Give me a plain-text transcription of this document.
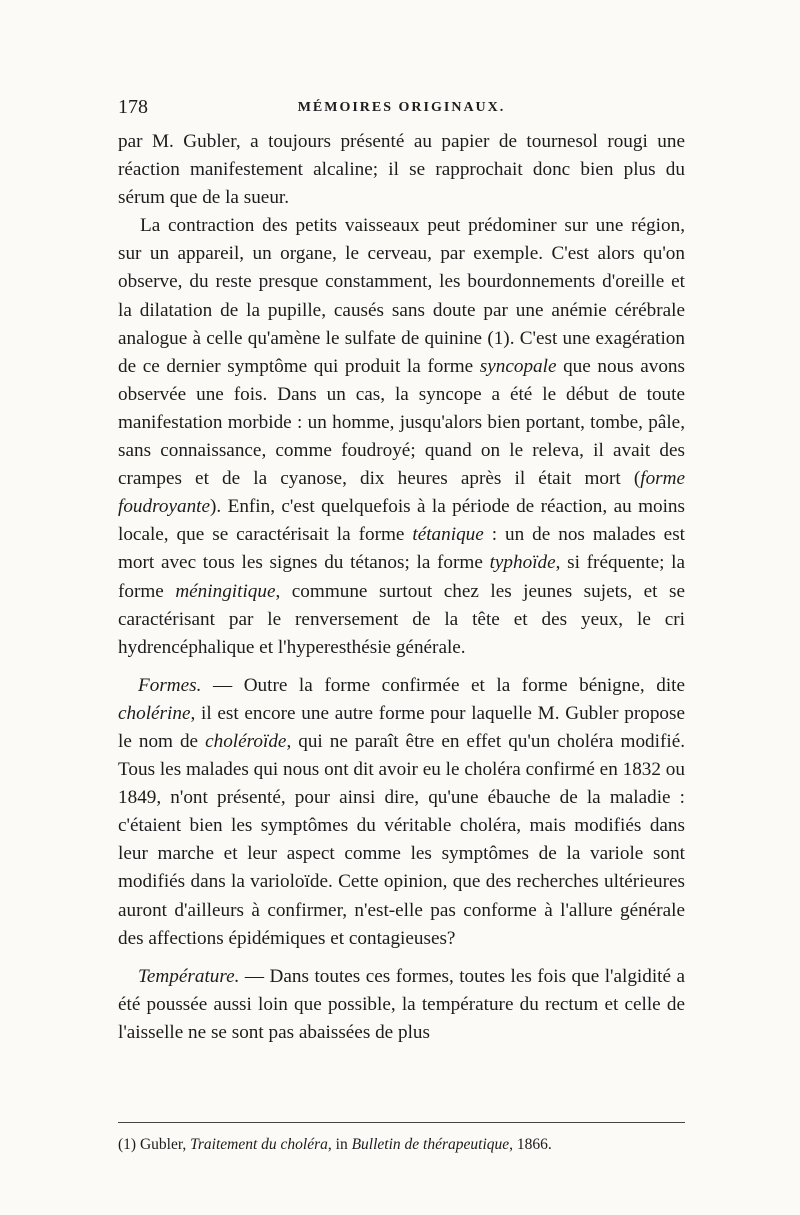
178	MÉMOIRES ORIGINAUX.

par M. Gubler, a toujours présenté au papier de tournesol rougi une réaction manifestement alcaline; il se rapprochait donc bien plus du sérum que de la sueur.

La contraction des petits vaisseaux peut prédominer sur une région, sur un appareil, un organe, le cerveau, par exemple. C'est alors qu'on observe, du reste presque constamment, les bourdonnements d'oreille et la dilatation de la pupille, causés sans doute par une anémie cérébrale analogue à celle qu'amène le sulfate de quinine (1). C'est une exagération de ce dernier symptôme qui produit la forme syncopale que nous avons observée une fois. Dans un cas, la syncope a été le début de toute manifestation morbide : un homme, jusqu'alors bien portant, tombe, pâle, sans connaissance, comme foudroyé; quand on le releva, il avait des crampes et de la cyanose, dix heures après il était mort (forme foudroyante). Enfin, c'est quelquefois à la période de réaction, au moins locale, que se caractérisait la forme tétanique : un de nos malades est mort avec tous les signes du tétanos; la forme typhoïde, si fréquente; la forme méningitique, commune surtout chez les jeunes sujets, et se caractérisant par le renversement de la tête et des yeux, le cri hydrencéphalique et l'hyperesthésie générale.

Formes. — Outre la forme confirmée et la forme bénigne, dite cholérine, il est encore une autre forme pour laquelle M. Gubler propose le nom de choléroïde, qui ne paraît être en effet qu'un choléra modifié. Tous les malades qui nous ont dit avoir eu le choléra confirmé en 1832 ou 1849, n'ont présenté, pour ainsi dire, qu'une ébauche de la maladie : c'étaient bien les symptômes du véritable choléra, mais modifiés dans leur marche et leur aspect comme les symptômes de la variole sont modifiés dans la varioloïde. Cette opinion, que des recherches ultérieures auront d'ailleurs à confirmer, n'est-elle pas conforme à l'allure générale des affections épidémiques et contagieuses?

Température. — Dans toutes ces formes, toutes les fois que l'algidité a été poussée aussi loin que possible, la température du rectum et celle de l'aisselle ne se sont pas abaissées de plus

(1) Gubler, Traitement du choléra, in Bulletin de thérapeutique, 1866.
